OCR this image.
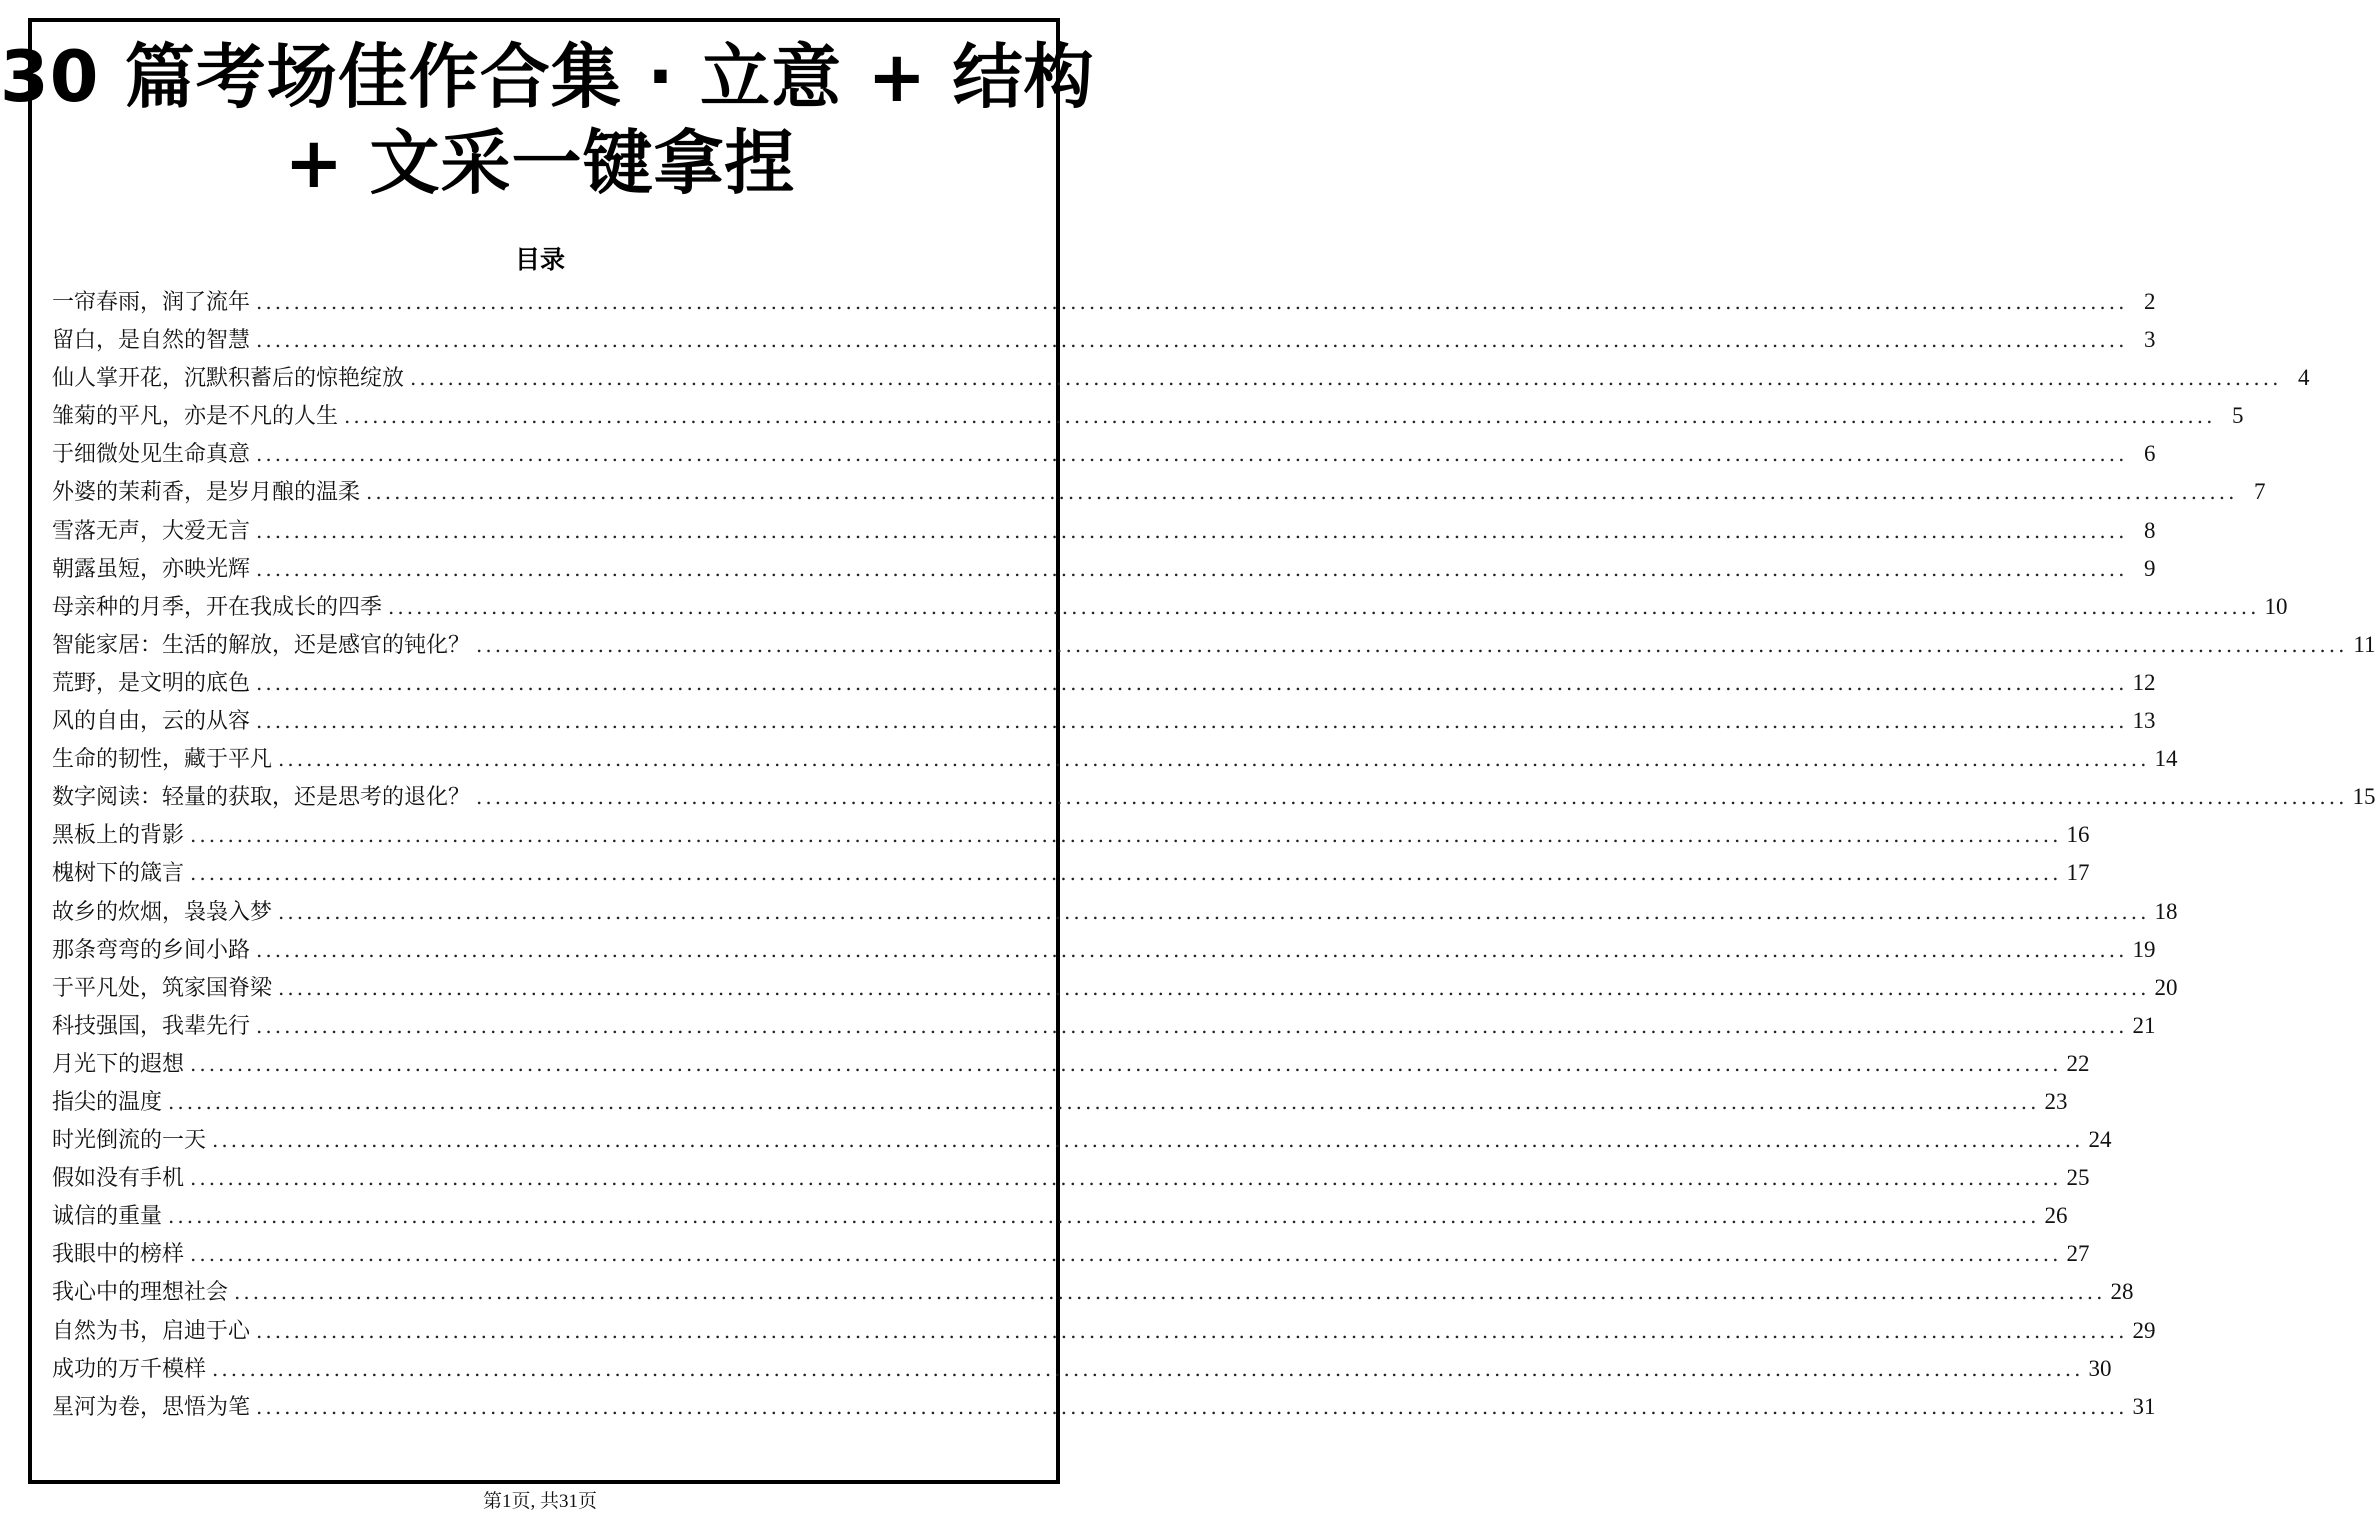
30 篇考场佳作合集 · 立意 + 结构
+ 文采一键拿捏
目录
一帘春雨，润了流年 ........................................................................................................................................................................................................ 2
留白，是自然的智慧 ........................................................................................................................................................................................................ 3
仙人掌开花，沉默积蓄后的惊艳绽放 ........................................................................................................................................................................................................ 4
雏菊的平凡，亦是不凡的人生 ........................................................................................................................................................................................................ 5
于细微处见生命真意 ........................................................................................................................................................................................................ 6
外婆的茉莉香，是岁月酿的温柔 ........................................................................................................................................................................................................ 7
雪落无声，大爱无言 ........................................................................................................................................................................................................ 8
朝露虽短，亦映光辉 ........................................................................................................................................................................................................ 9
母亲种的月季，开在我成长的四季 ........................................................................................................................................................................................................ 10
智能家居：生活的解放，还是感官的钝化？ ........................................................................................................................................................................................................ 11
荒野，是文明的底色 ........................................................................................................................................................................................................ 12
风的自由，云的从容 ........................................................................................................................................................................................................ 13
生命的韧性，藏于平凡 ........................................................................................................................................................................................................ 14
数字阅读：轻量的获取，还是思考的退化？ ........................................................................................................................................................................................................ 15
黑板上的背影 ........................................................................................................................................................................................................ 16
槐树下的箴言 ........................................................................................................................................................................................................ 17
故乡的炊烟，袅袅入梦 ........................................................................................................................................................................................................ 18
那条弯弯的乡间小路 ........................................................................................................................................................................................................ 19
于平凡处，筑家国脊梁 ........................................................................................................................................................................................................ 20
科技强国，我辈先行 ........................................................................................................................................................................................................ 21
月光下的遐想 ........................................................................................................................................................................................................ 22
指尖的温度 ........................................................................................................................................................................................................ 23
时光倒流的一天 ........................................................................................................................................................................................................ 24
假如没有手机 ........................................................................................................................................................................................................ 25
诚信的重量 ........................................................................................................................................................................................................ 26
我眼中的榜样 ........................................................................................................................................................................................................ 27
我心中的理想社会 ........................................................................................................................................................................................................ 28
自然为书，启迪于心 ........................................................................................................................................................................................................ 29
成功的万千模样 ........................................................................................................................................................................................................ 30
星河为卷，思悟为笔 ........................................................................................................................................................................................................ 31
第1页, 共31页
